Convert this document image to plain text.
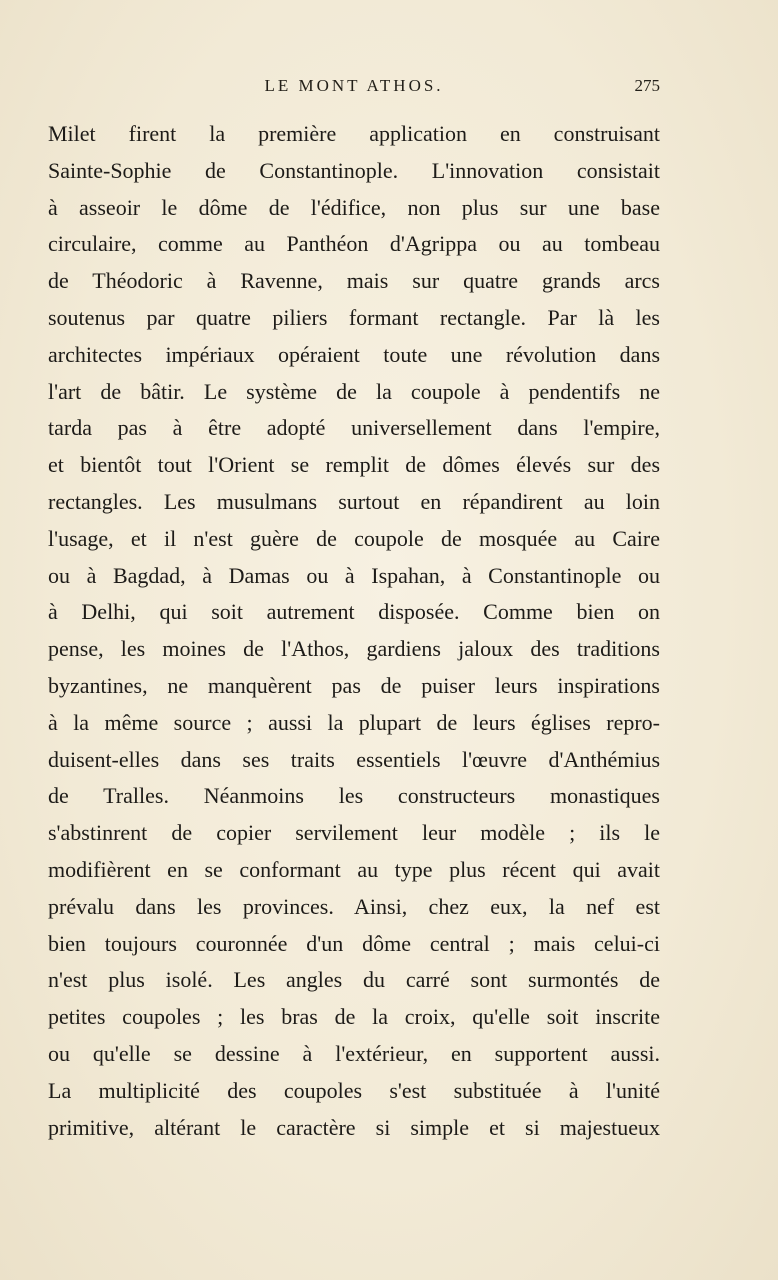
LE MONT ATHOS.	275
Milet firent la première application en construisant
Sainte-Sophie de Constantinople. L'innovation consistait
à asseoir le dôme de l'édifice, non plus sur une base
circulaire, comme au Panthéon d'Agrippa ou au tombeau
de Théodoric à Ravenne, mais sur quatre grands arcs
soutenus par quatre piliers formant rectangle. Par là les
architectes impériaux opéraient toute une révolution dans
l'art de bâtir. Le système de la coupole à pendentifs ne
tarda pas à être adopté universellement dans l'empire,
et bientôt tout l'Orient se remplit de dômes élevés sur des
rectangles. Les musulmans surtout en répandirent au loin
l'usage, et il n'est guère de coupole de mosquée au Caire
ou à Bagdad, à Damas ou à Ispahan, à Constantinople ou
à Delhi, qui soit autrement disposée. Comme bien on
pense, les moines de l'Athos, gardiens jaloux des traditions
byzantines, ne manquèrent pas de puiser leurs inspirations
à la même source ; aussi la plupart de leurs églises repro-
duisent-elles dans ses traits essentiels l'œuvre d'Anthémius
de Tralles. Néanmoins les constructeurs monastiques
s'abstinrent de copier servilement leur modèle ; ils le
modifièrent en se conformant au type plus récent qui avait
prévalu dans les provinces. Ainsi, chez eux, la nef est
bien toujours couronnée d'un dôme central ; mais celui-ci
n'est plus isolé. Les angles du carré sont surmontés de
petites coupoles ; les bras de la croix, qu'elle soit inscrite
ou qu'elle se dessine à l'extérieur, en supportent aussi.
La multiplicité des coupoles s'est substituée à l'unité
primitive, altérant le caractère si simple et si majestueux
